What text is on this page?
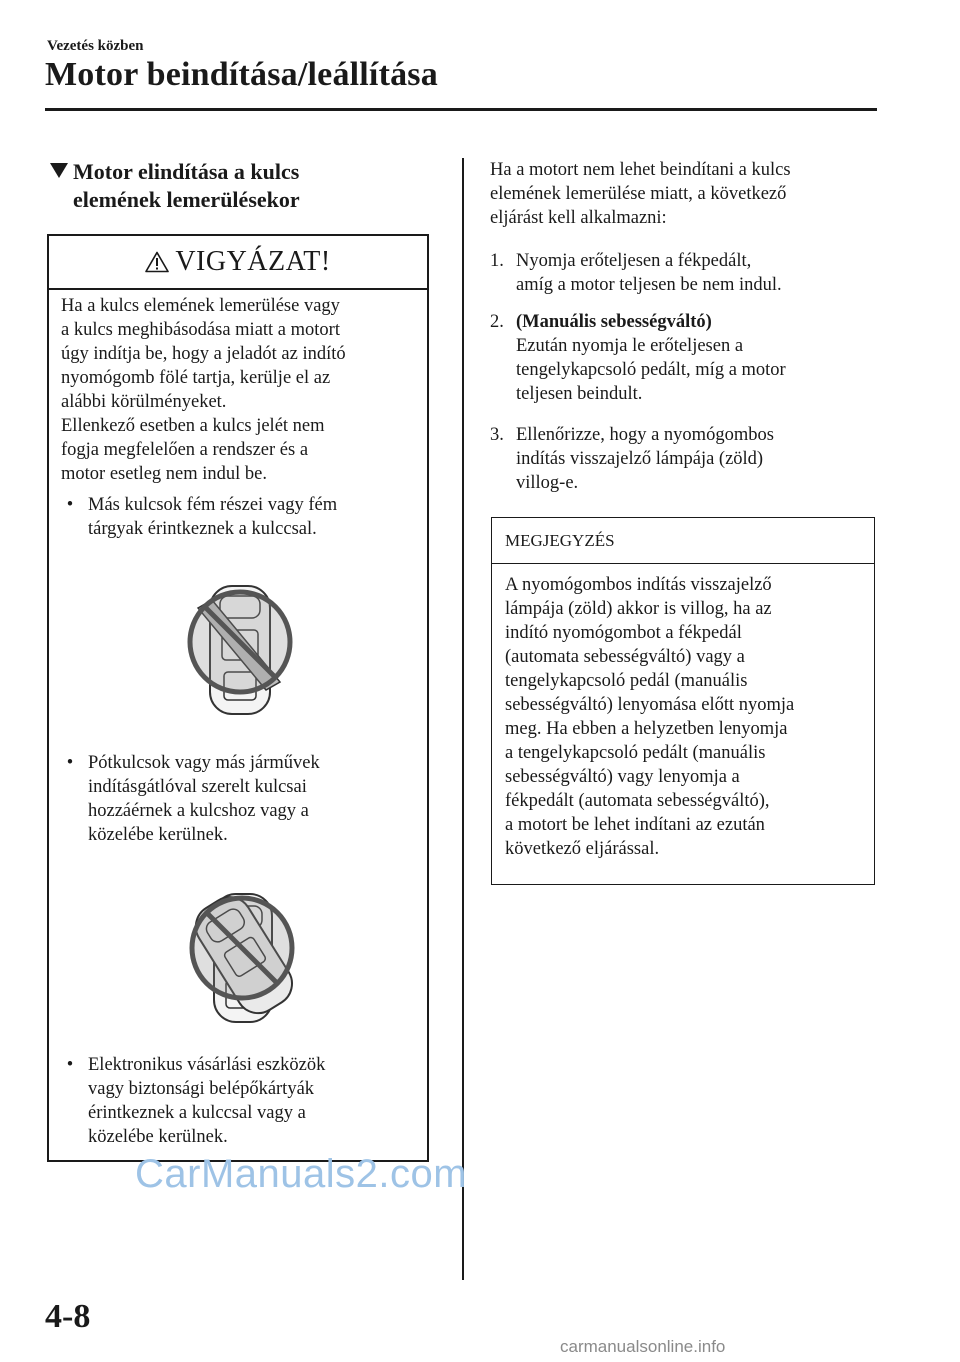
Vezetés közben
Motor beindítása/leállítása
Motor elindítása a kulcs
elemének lemerülésekor
VIGYÁZAT!

Ha a kulcs elemének lemerülése vagy
a kulcs meghibásodása miatt a motort
úgy indítja be, hogy a jeladót az indító
nyomógomb fölé tartja, kerülje el az
alábbi körülményeket.
Ellenkező esetben a kulcs jelét nem
fogja megfelelően a rendszer és a
motor esetleg nem indul be.

• Más kulcsok fém részei vagy fém
tárgyak érintkeznek a kulccsal.
• Pótkulcsok vagy más járművek
indításgátlóval szerelt kulcsai
hozzáérnek a kulcshoz vagy a
közelébe kerülnek.
• Elektronikus vásárlási eszközök
vagy biztonsági belépőkártyák
érintkeznek a kulccsal vagy a
közelébe kerülnek.
Ha a motort nem lehet beindítani a kulcs
elemének lemerülése miatt, a következő
eljárást kell alkalmazni:
1. Nyomja erőteljesen a fékpedált,
amíg a motor teljesen be nem indul.
2. (Manuális sebességváltó)
Ezután nyomja le erőteljesen a
tengelykapcsoló pedált, míg a motor
teljesen beindult.
3. Ellenőrizze, hogy a nyomógombos
indítás visszajelző lámpája (zöld)
villog-e.
MEGJEGYZÉS
A nyomógombos indítás visszajelző
lámpája (zöld) akkor is villog, ha az
indító nyomógombot a fékpedál
(automata sebességváltó) vagy a
tengelykapcsoló pedál (manuális
sebességváltó) lenyomása előtt nyomja
meg. Ha ebben a helyzetben lenyomja
a tengelykapcsoló pedált (manuális
sebességváltó) vagy lenyomja a
fékpedált (automata sebességváltó),
a motort be lehet indítani az ezután
következő eljárással.
CarManuals2.com
4-8
carmanualsonline.info
